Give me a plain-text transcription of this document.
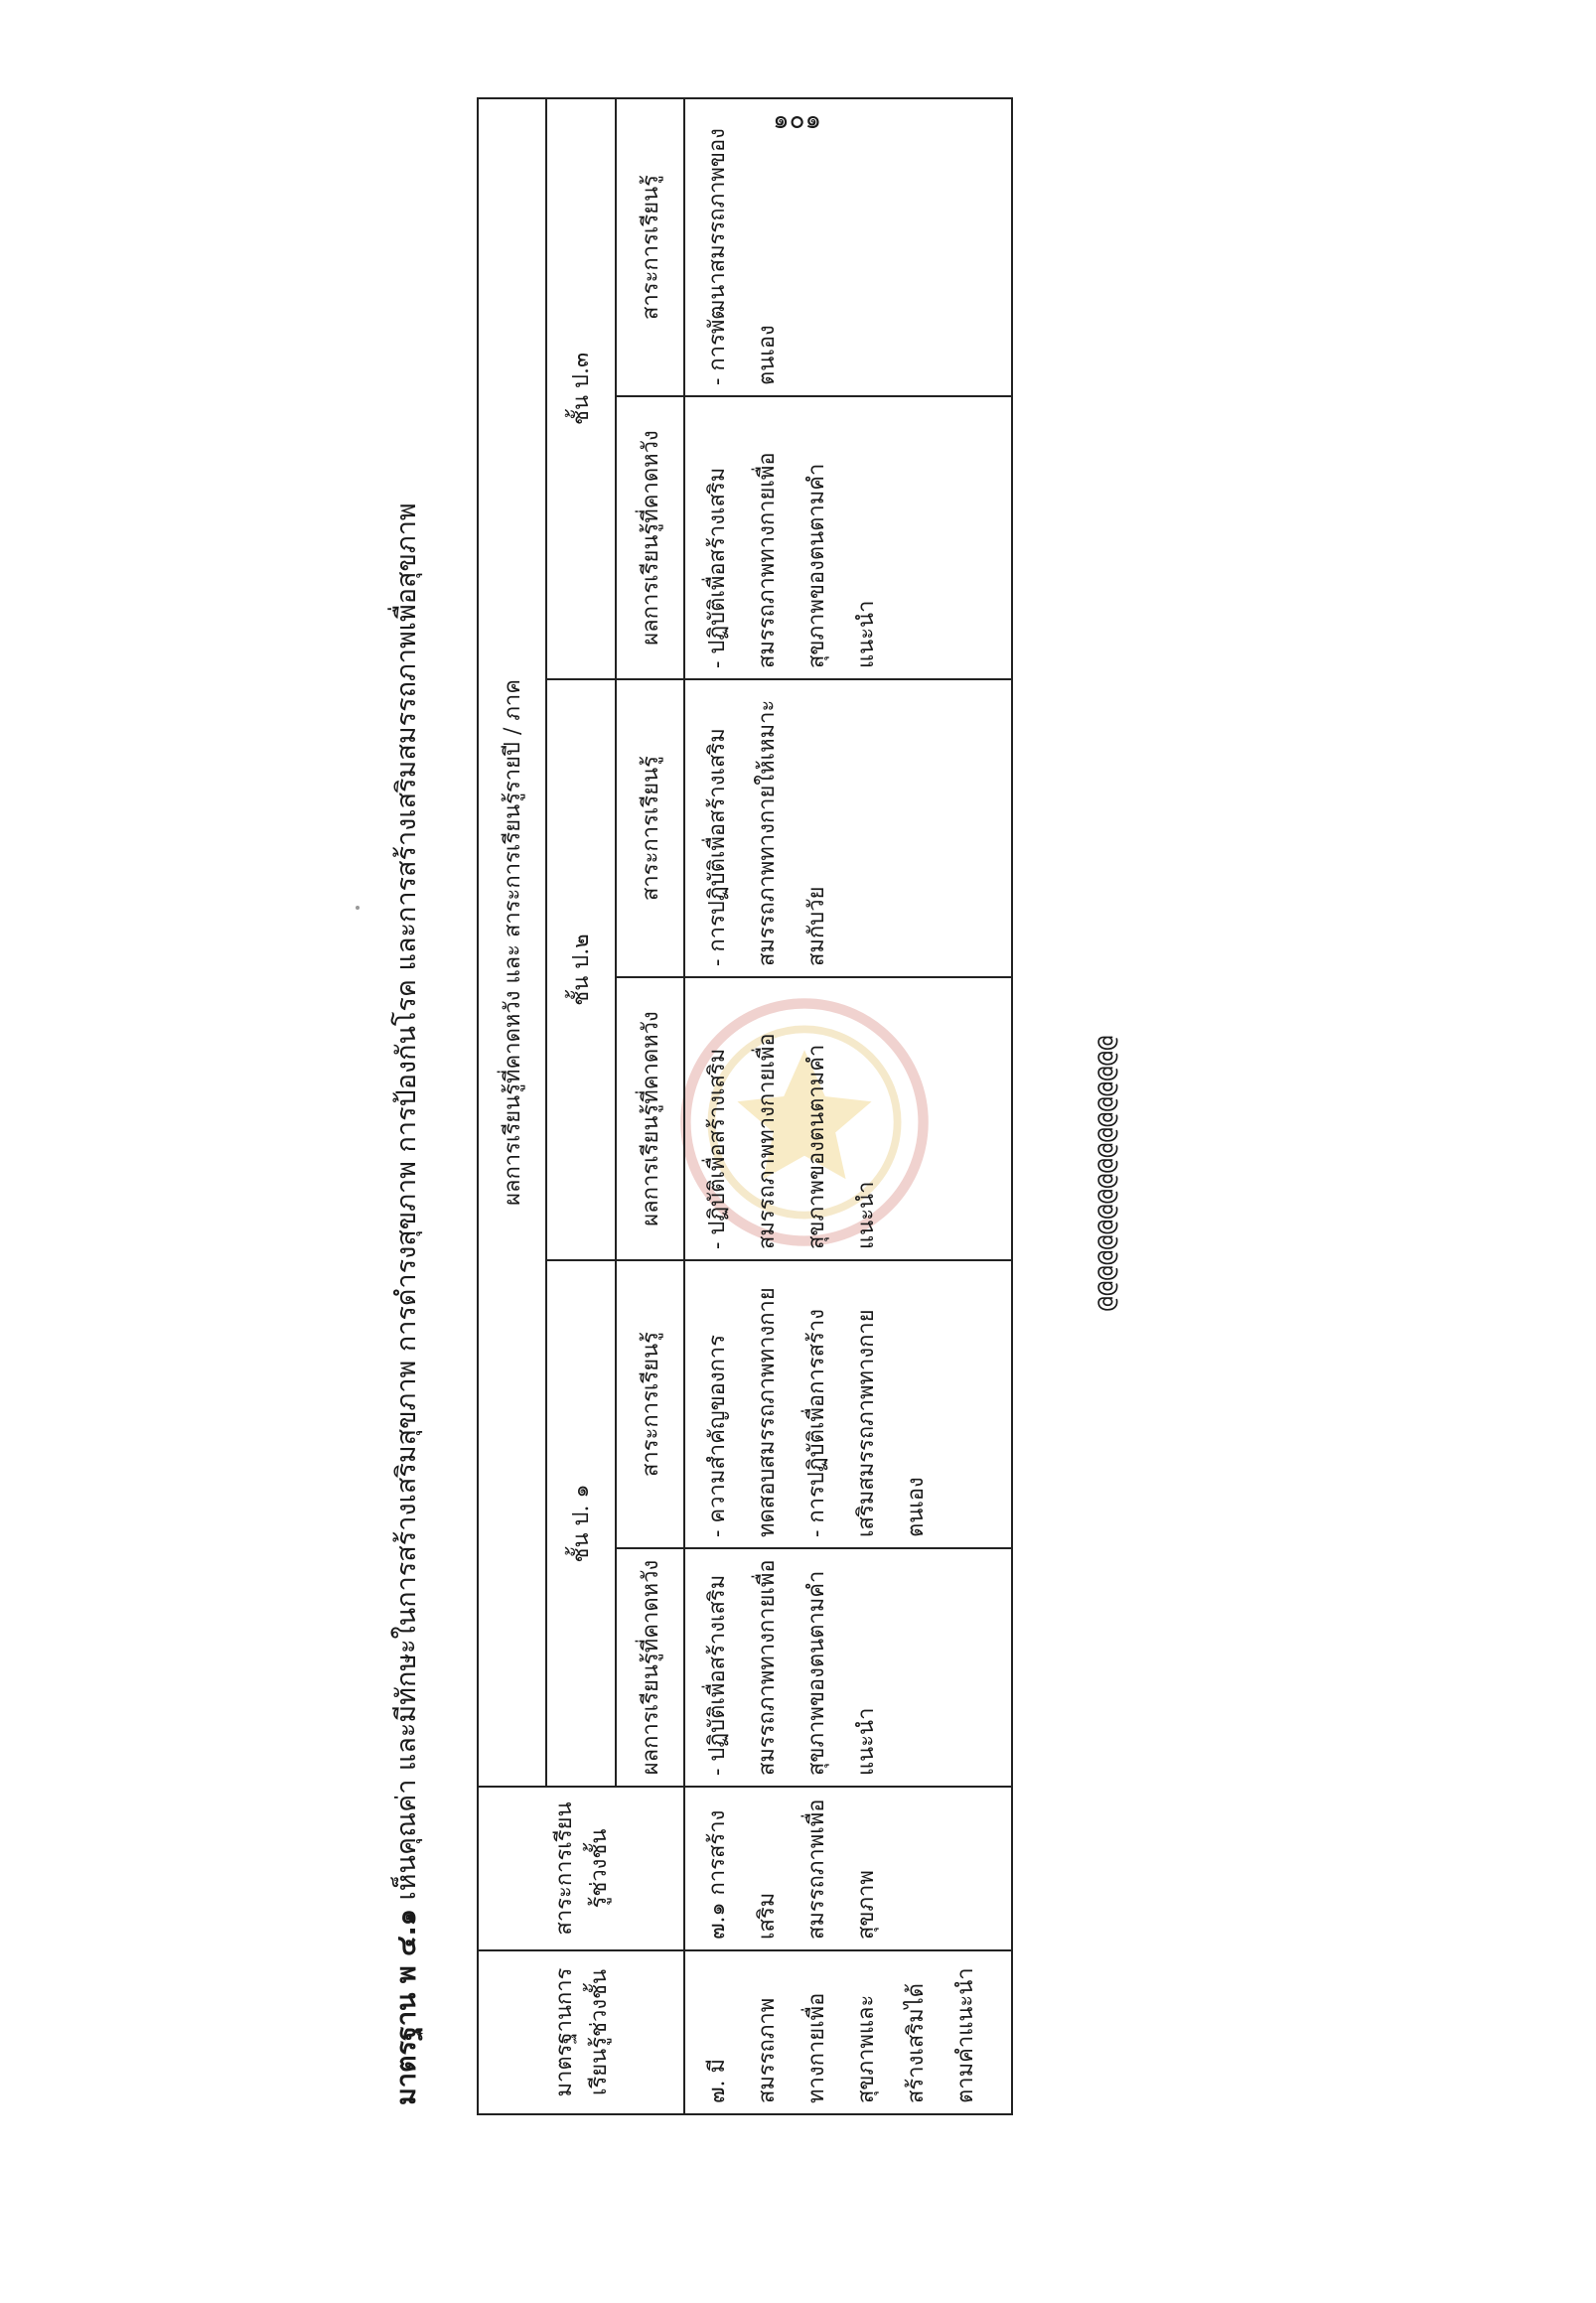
๑๐๑
มาตรฐาน พ ๔.๑ เห็นคุณค่า และมีทักษะในการสร้างเสริมสุขภาพ การดำรงสุขภาพ การป้องกันโรค และการสร้างเสริมสมรรถภาพเพื่อสุขภาพ
มาตรฐานการเรียนรู้ช่วงชั้น	สาระการเรียนรู้ช่วงชั้น	ผลการเรียนรู้ที่คาดหวัง และ สาระการเรียนรู้รายปี / ภาค					
		ชั้น ป. ๑		ชั้น ป.๒		ชั้น ป.๓	
		ผลการเรียนรู้ที่คาดหวัง	สาระการเรียนรู้	ผลการเรียนรู้ที่คาดหวัง	สาระการเรียนรู้	ผลการเรียนรู้ที่คาดหวัง	สาระการเรียนรู้

๗. มีสมรรถภาพทางกายเพื่อสุขภาพและสร้างเสริมได้ตามคำแนะนำ	๗.๑ การสร้างเสริมสมรรถภาพเพื่อสุขภาพ	- ปฏิบัติเพื่อสร้างเสริมสมรรถภาพทางกายเพื่อสุขภาพของตนตามคำแนะนำ	- ความสำคัญของการทดสอบสมรรถภาพทางกาย - การปฏิบัติเพื่อการสร้างเสริมสมรรถภาพทางกายตนเอง	- ปฏิบัติเพื่อสร้างเสริมสมรรถภาพทางกายเพื่อสุขภาพของตนตามคำแนะนำ	- การปฏิบัติเพื่อสร้างเสริมสมรรถภาพทางกายให้เหมาะสมกับวัย	- ปฏิบัติเพื่อสร้างเสริมสมรรถภาพทางกายเพื่อสุขภาพของตนตามคำแนะนำ	- การพัฒนาสมรรถภาพของตนเอง
@@@@@@@@@@@@@@@@@@
